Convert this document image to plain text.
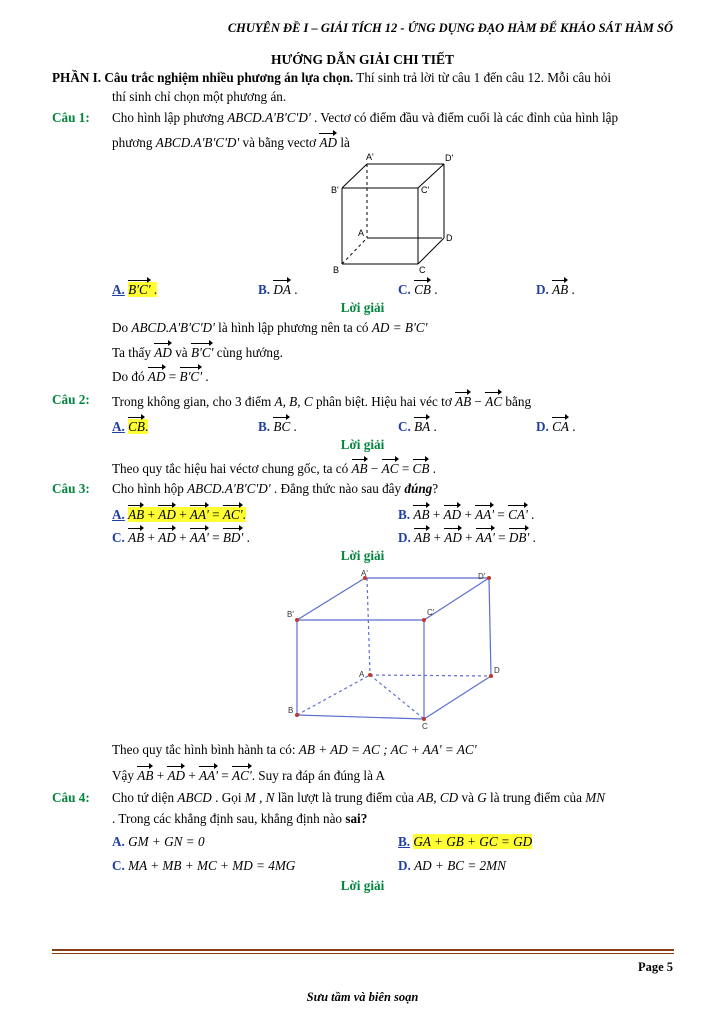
CHUYÊN ĐỀ I – GIẢI TÍCH 12 - ỨNG DỤNG ĐẠO HÀM ĐỂ KHẢO SÁT HÀM SỐ
HƯỚNG DẪN GIẢI CHI TIẾT
PHẦN I. Câu trắc nghiệm nhiều phương án lựa chọn. Thí sinh trả lời từ câu 1 đến câu 12. Mỗi câu hỏi
thí sinh chỉ chọn một phương án.
Câu 1: Cho hình lập phương ABCD.A'B'C'D' . Vectơ có điểm đầu và điểm cuối là các đỉnh của hình lập
phương ABCD.A'B'C'D' và bằng vectơ AD là
A'	D'
B'	C'
A	D
B	C
A. B'C' .	B. DA .	C. CB .	D. AB .
Lời giải
Do ABCD.A'B'C'D' là hình lập phương nên ta có AD = B'C'
Ta thấy AD và B'C' cùng hướng.
Do đó AD = B'C' .
Câu 2: Trong không gian, cho 3 điểm A, B, C phân biệt. Hiệu hai véc tơ AB − AC bằng
A. CB.	B. BC .	C. BA .	D. CA .
Lời giải
Theo quy tắc hiệu hai véctơ chung gốc, ta có AB − AC = CB .
Câu 3: Cho hình hộp ABCD.A'B'C'D' . Đẳng thức nào sau đây đúng?
A. AB + AD + AA' = AC'.	B. AB + AD + AA' = CA' .
C. AB + AD + AA' = BD' .	D. AB + AD + AA' = DB' .
Lời giải
A'	D'
B'	C'
A	D
B
C
Theo quy tắc hình bình hành ta có: AB + AD = AC ; AC + AA' = AC'
Vậy AB + AD + AA' = AC'. Suy ra đáp án đúng là A
Câu 4: Cho tứ diện ABCD . Gọi M , N lần lượt là trung điểm của AB, CD và G là trung điểm của MN
. Trong các khẳng định sau, khẳng định nào sai?
A. GM + GN = 0	B. GA + GB + GC = GD
C. MA + MB + MC + MD = 4MG	D. AD + BC = 2MN
Lời giải
Page 5
Sưu tầm và biên soạn
